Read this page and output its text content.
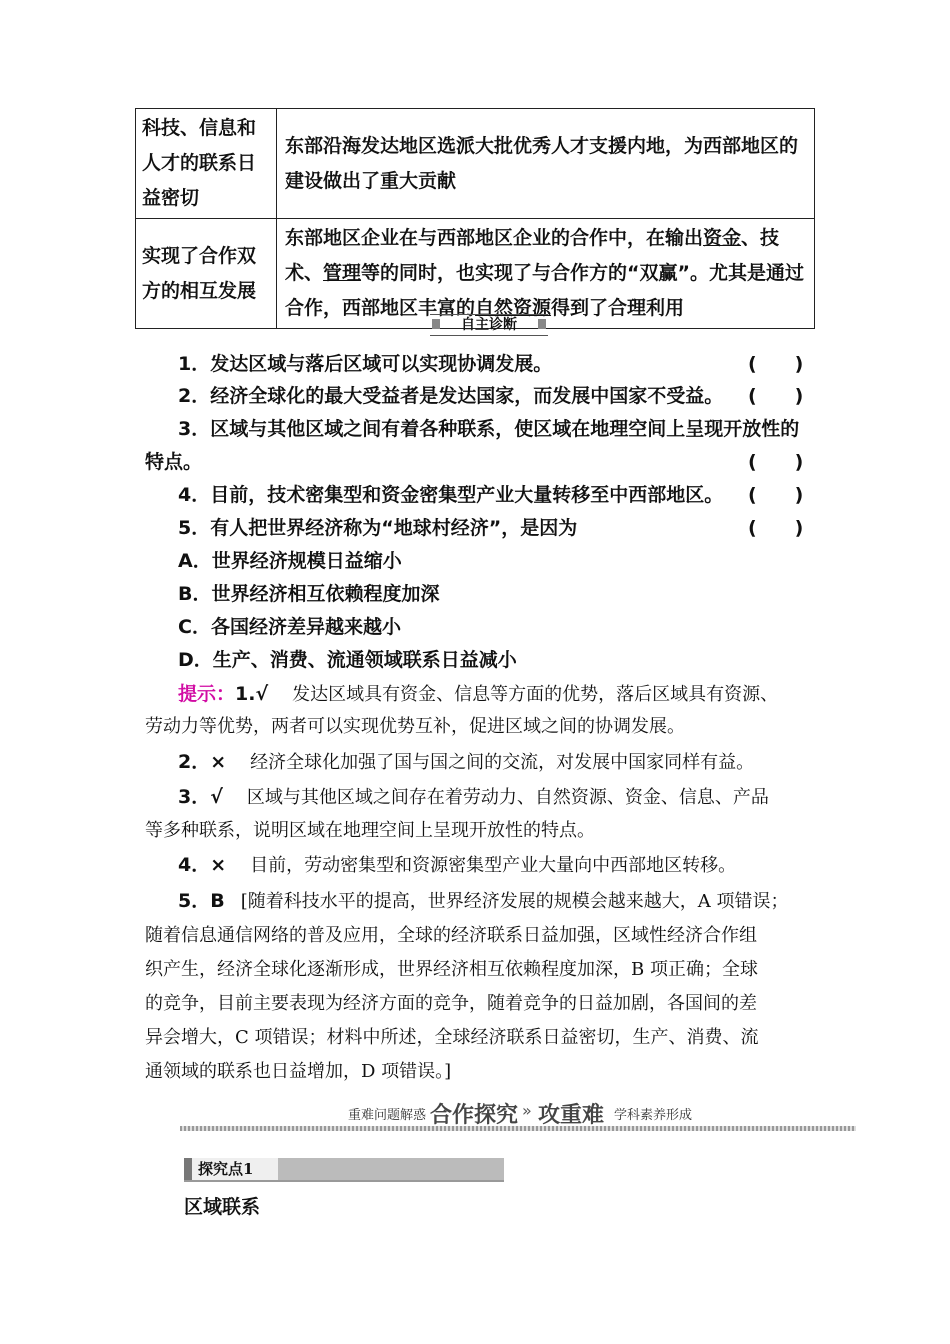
科技、信息和人才的联系日益密切	东部沿海发达地区选派大批优秀人才支援内地，为西部地区的建设做出了重大贡献
实现了合作双方的相互发展	东部地区企业在与西部地区企业的合作中，在输出资金、技术、管理等的同时，也实现了与合作方的“双赢”。尤其是通过合作，西部地区丰富的自然资源得到了合理利用
自主诊断
1．发达区域与落后区域可以实现协调发展。	(　　)
2．经济全球化的最大受益者是发达国家，而发展中国家不受益。 (　　)
3．区域与其他区域之间有着各种联系，使区域在地理空间上呈现开放性的
特点。	(　　)
4．目前，技术密集型和资金密集型产业大量转移至中西部地区。 (　　)
5．有人把世界经济称为“地球村经济”，是因为	(　　)
A．世界经济规模日益缩小
B．世界经济相互依赖程度加深
C．各国经济差异越来越小
D．生产、消费、流通领域联系日益减小
提示：1.√ 发达区域具有资金、信息等方面的优势，落后区域具有资源、
劳动力等优势，两者可以实现优势互补，促进区域之间的协调发展。
2．× 经济全球化加强了国与国之间的交流，对发展中国家同样有益。
3．√ 区域与其他区域之间存在着劳动力、自然资源、资金、信息、产品
等多种联系，说明区域在地理空间上呈现开放性的特点。
4．× 目前，劳动密集型和资源密集型产业大量向中西部地区转移。
5．B [随着科技水平的提高，世界经济发展的规模会越来越大，A 项错误；
随着信息通信网络的普及应用，全球的经济联系日益加强，区域性经济合作组
织产生，经济全球化逐渐形成，世界经济相互依赖程度加深，B 项正确；全球
的竞争，目前主要表现为经济方面的竞争，随着竞争的日益加剧，各国间的差
异会增大，C 项错误；材料中所述，全球经济联系日益密切，生产、消费、流
通领域的联系也日益增加，D 项错误。]
重难问题解惑 合作探究 » 攻重难 学科素养形成
探究点1
区域联系
